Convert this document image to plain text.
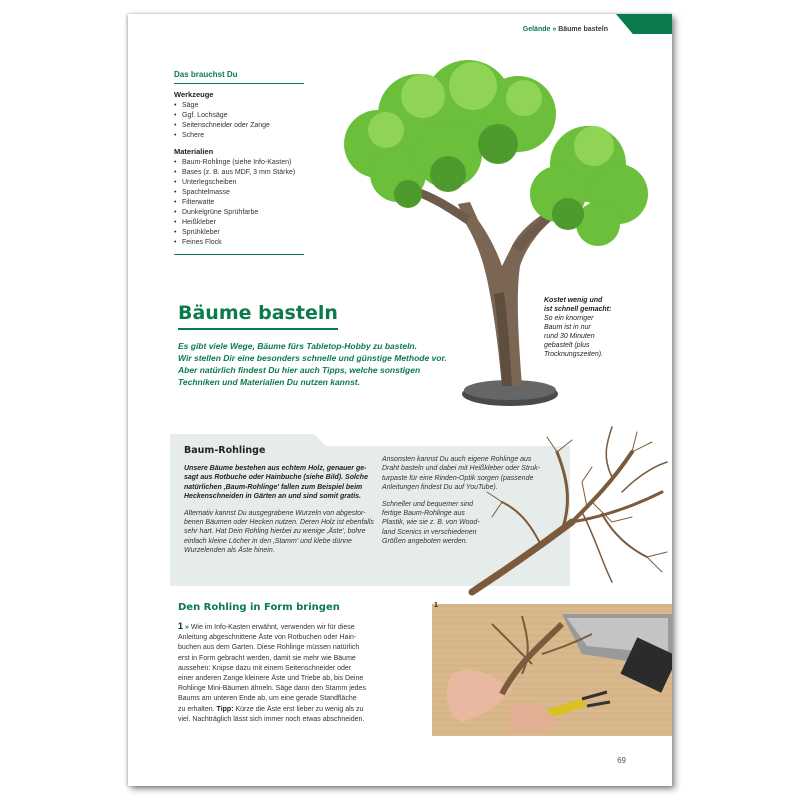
Gelände » Bäume basteln
Das brauchst Du
Werkzeuge
• Säge
• Ggf. Lochsäge
• Seitenschneider oder Zange
• Schere
Materialien
• Baum-Rohlinge (siehe Info-Kasten)
• Bases (z. B. aus MDF, 3 mm Stärke)
• Unterlegscheiben
• Spachtelmasse
• Filterwatte
• Dunkelgrüne Sprühfarbe
• Heißkleber
• Sprühkleber
• Feines Flock
Kostet wenig und
ist schnell gemacht:
So ein knorriger
Baum ist in nur
rund 30 Minuten
gebastelt (plus
Trocknungszeiten).
Bäume basteln
Es gibt viele Wege, Bäume fürs Tabletop-Hobby zu basteln.
Wir stellen Dir eine besonders schnelle und günstige Methode vor.
Aber natürlich findest Du hier auch Tipps, welche sonstigen
Techniken und Materialien Du nutzen kannst.
Baum-Rohlinge

Unsere Bäume bestehen aus echtem Holz, genauer ge-
sagt aus Rotbuche oder Hainbuche (siehe Bild). Solche
natürlichen ‚Baum-Rohlinge' fallen zum Beispiel beim
Heckenschneiden in Gärten an und sind somit gratis.

Alternativ kannst Du ausgegrabene Wurzeln von abgestor-
benen Bäumen oder Hecken nutzen. Deren Holz ist ebenfalls
sehr hart. Hat Dein Rohling hierbei zu wenige ‚Äste', bohre
einfach kleine Löcher in den ‚Stamm' und klebe dünne
Wurzelenden als Äste hinein.

Ansonsten kannst Du auch eigene Rohlinge aus
Draht basteln und dabei mit Heißkleber oder Struk-
turpaste für eine Rinden-Optik sorgen (passende
Anleitungen findest Du auf YouTube).

Schneller und bequemer sind
fertige Baum-Rohlinge aus
Plastik, wie sie z. B. von Wood-
land Scenics in verschiedenen
Größen angeboten werden.

Den Rohling in Form bringen
1 » Wie im Info-Kasten erwähnt, verwenden wir für diese
Anleitung abgeschnittene Äste von Rotbuchen oder Hain-
buchen aus dem Garten. Diese Rohlinge müssen natürlich
erst in Form gebracht werden, damit sie mehr wie Bäume
aussehen: Knipse dazu mit einem Seitenschneider oder
einer anderen Zange kleinere Äste und Triebe ab, bis Deine
Rohlinge Mini-Bäumen ähneln. Säge dann den Stamm jedes
Baums am unteren Ende ab, um eine gerade Standfläche
zu erhalten. Tipp: Kürze die Äste erst lieber zu wenig als zu
viel. Nachträglich lässt sich immer noch etwas abschneiden.
1
69
